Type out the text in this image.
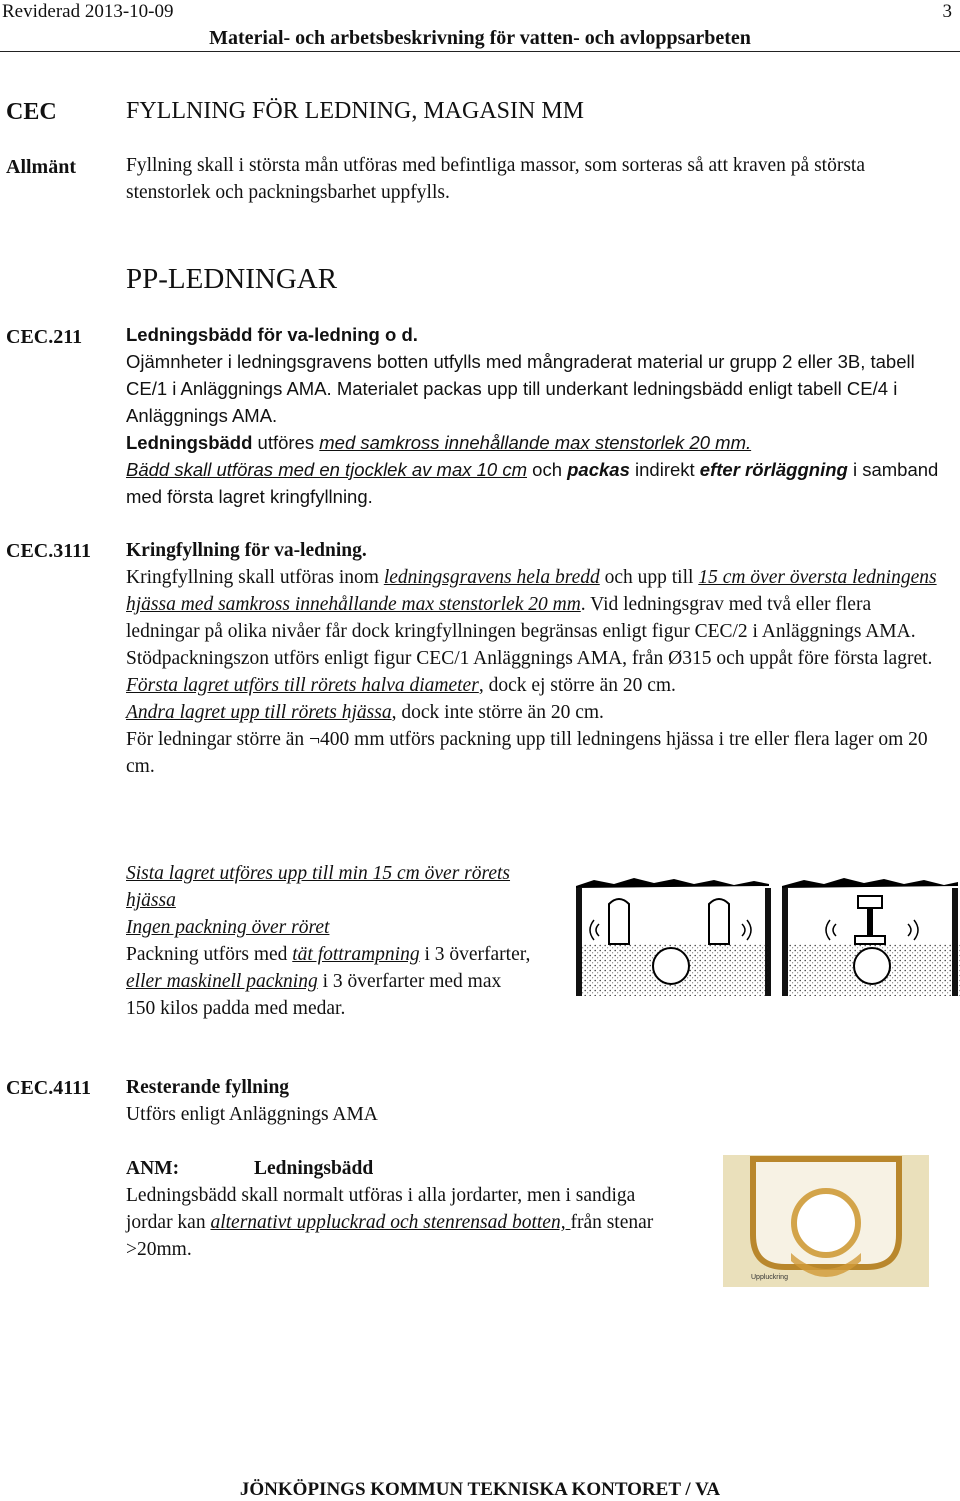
Reviderad 2013-10-09	3
Material- och arbetsbeskrivning för vatten- och avloppsarbeten
CEC	FYLLNING FÖR LEDNING, MAGASIN MM
Allmänt	Fyllning skall i största mån utföras med befintliga massor, som sorteras så att kraven på största stenstorlek och packningsbarhet uppfylls.
PP-LEDNINGAR
CEC.211 Ledningsbädd för va-ledning o d.

Ojämnheter i ledningsgravens botten utfylls med mångraderat material ur grupp 2 eller 3B, tabell CE/1 i Anläggnings AMA. Materialet packas upp till underkant ledningsbädd enligt tabell CE/4 i Anläggnings AMA.

Ledningsbädd utföres med samkross innehållande max stenstorlek 20 mm.

Bädd skall utföras med en tjocklek av max 10 cm och packas indirekt efter rörläggning i samband med första lagret kringfyllning.

CEC.3111 Kringfyllning för va-ledning.

Kringfyllning skall utföras inom ledningsgravens hela bredd och upp till 15 cm över översta ledningens hjässa med samkross innehållande max stenstorlek 20 mm. Vid ledningsgrav med två eller flera ledningar på olika nivåer får dock kringfyllningen begränsas enligt figur CEC/2 i Anläggnings AMA.

Stödpackningszon utförs enligt figur CEC/1 Anläggnings AMA, från Ø315 och uppåt före första lagret.

Första lagret utförs till rörets halva diameter, dock ej större än 20 cm.

Andra lagret upp till rörets hjässa, dock inte större än 20 cm.

För ledningar större än ¬400 mm utförs packning upp till ledningens hjässa i tre eller flera lager om 20 cm.

Sista lagret utföres upp till min 15 cm över rörets hjässa

Ingen packning över röret

Packning utförs med tät fottrampning i 3 överfarter, eller maskinell packning i 3 överfarter med max 150 kilos padda med medar.

CEC.4111 Resterande fyllning

Utförs enligt Anläggnings AMA

ANM:	Ledningsbädd

Ledningsbädd skall normalt utföras i alla jordarter, men i sandiga jordar kan alternativt uppluckrad och stenrensad botten, från stenar >20mm.

Uppluckring
JÖNKÖPINGS KOMMUN TEKNISKA KONTORET / VA
